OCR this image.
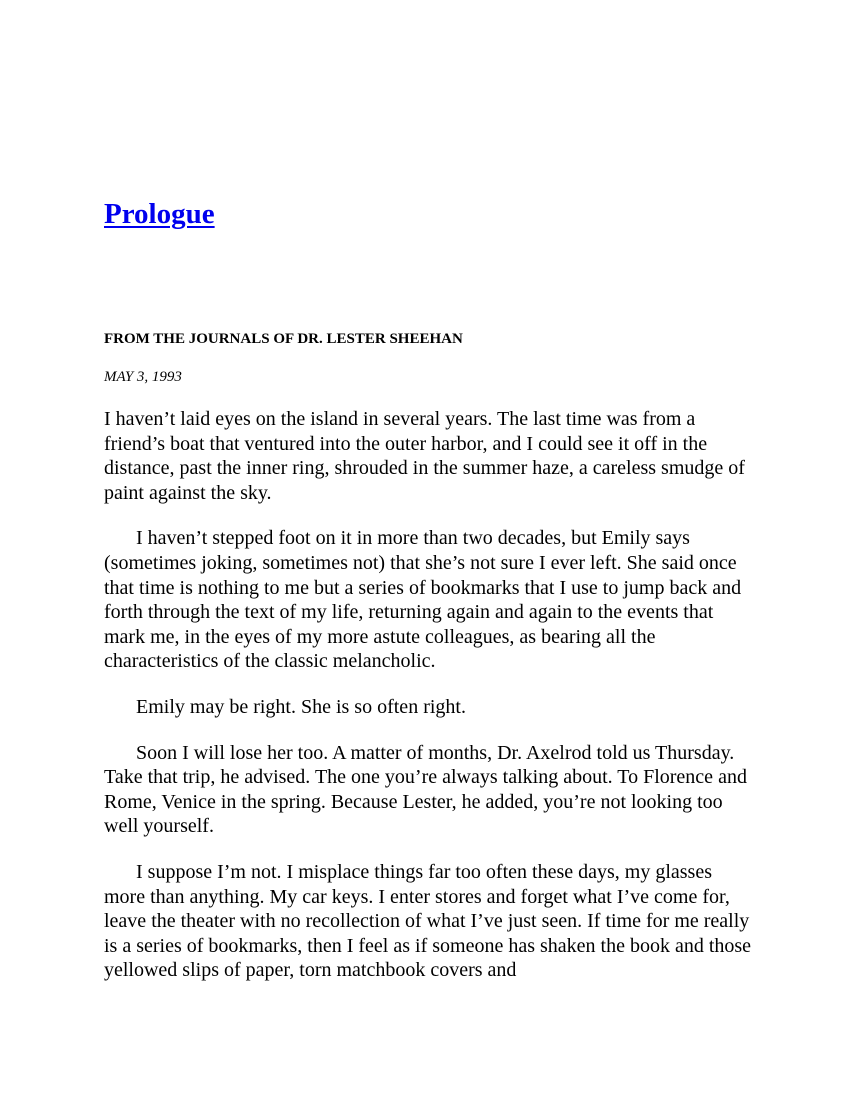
Prologue
FROM THE JOURNALS OF DR. LESTER SHEEHAN
MAY 3, 1993

I haven’t laid eyes on the island in several years. The last time was from a friend’s boat that ventured into the outer harbor, and I could see it off in the distance, past the inner ring, shrouded in the summer haze, a careless smudge of paint against the sky.

I haven’t stepped foot on it in more than two decades, but Emily says (sometimes joking, sometimes not) that she’s not sure I ever left. She said once that time is nothing to me but a series of bookmarks that I use to jump back and forth through the text of my life, returning again and again to the events that mark me, in the eyes of my more astute colleagues, as bearing all the characteristics of the classic melancholic.

Emily may be right. She is so often right.

Soon I will lose her too. A matter of months, Dr. Axelrod told us Thursday. Take that trip, he advised. The one you’re always talking about. To Florence and Rome, Venice in the spring. Because Lester, he added, you’re not looking too well yourself.

I suppose I’m not. I misplace things far too often these days, my glasses more than anything. My car keys. I enter stores and forget what I’ve come for, leave the theater with no recollection of what I’ve just seen. If time for me really is a series of bookmarks, then I feel as if someone has shaken the book and those yellowed slips of paper, torn matchbook covers and
